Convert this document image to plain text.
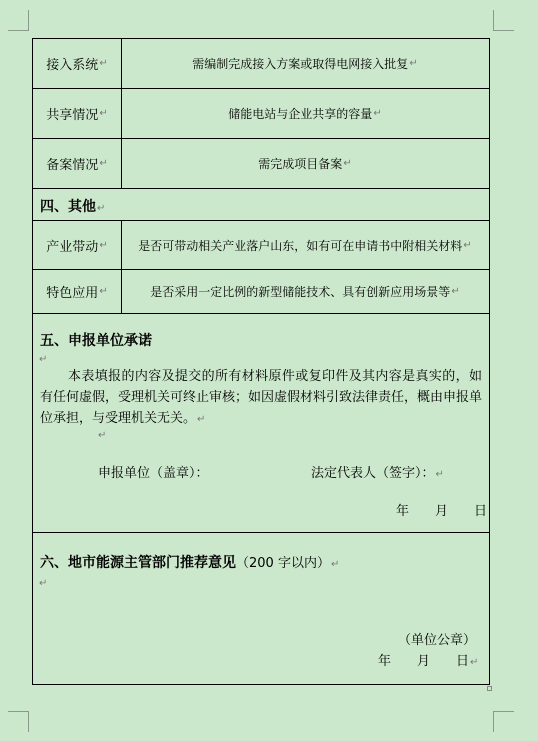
接入系统 ↵	需编制完成接入方案或取得电网接入批复 ↵
共享情况 ↵	储能电站与企业共享的容量 ↵
备案情况 ↵	需完成项目备案 ↵
四、其他↵
产业带动 ↵	是否可带动相关产业落户山东，如有可在申请书中附相关材料 ↵
特色应用 ↵	是否采用一定比例的新型储能技术、具有创新应用场景等 ↵
五、申报单位承诺
↵
本表填报的内容及提交的所有材料原件或复印件及其内容是真实的，如有任何虚假，受理机关可终止审核；如因虚假材料引致法律责任，概由申报单位承担，与受理机关无关。↵
↵
申报单位（盖章）：	法定代表人（签字）：↵
年　　月　　日
六、地市能源主管部门推荐意见（200 字以内）↵
↵
（单位公章）
年　　月　　日↵
